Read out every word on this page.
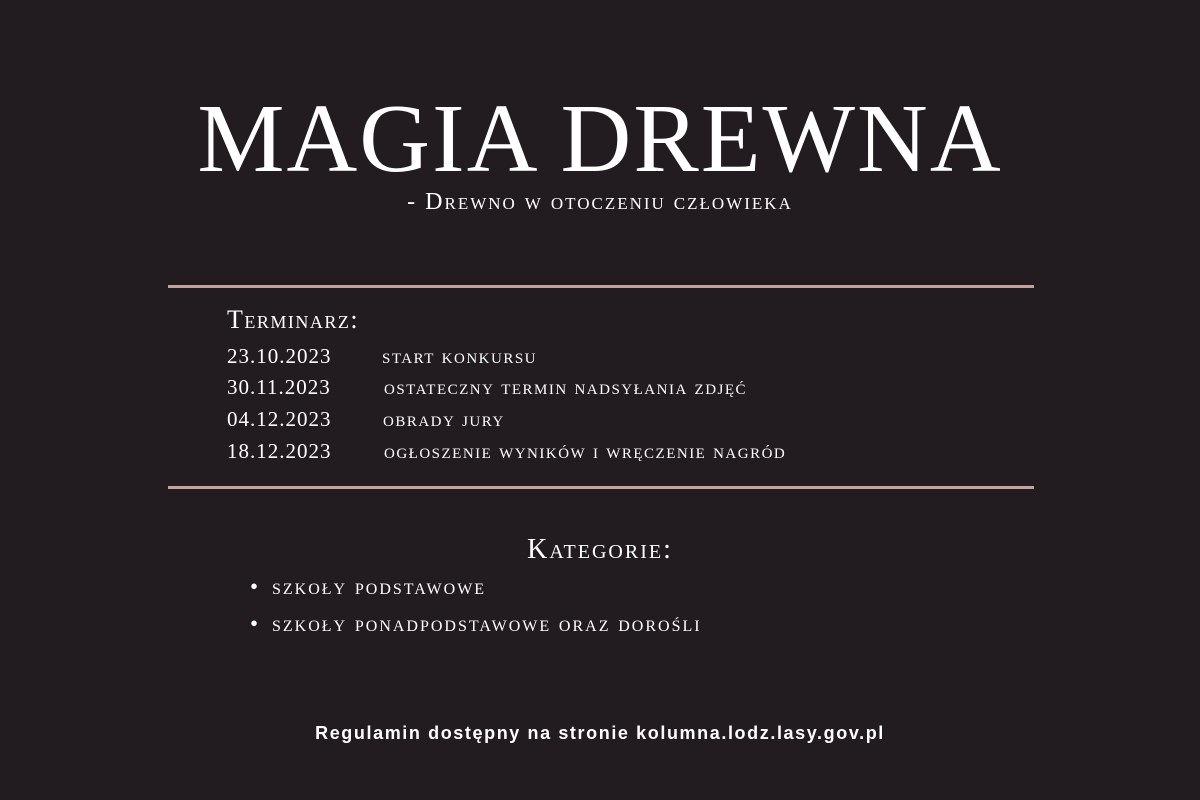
MAGIA DREWNA
- Drewno w otoczeniu człowieka
Terminarz:
23.10.2023 start konkursu
30.11.2023	ostateczny termin nadsyłania zdjęć
04.12.2023 obrady jury
18.12.2023	ogłoszenie wyników i wręczenie nagród
Kategorie:
• szkoły podstawowe
• szkoły ponadpodstawowe oraz dorośli
Regulamin dostępny na stronie kolumna.lodz.lasy.gov.pl
